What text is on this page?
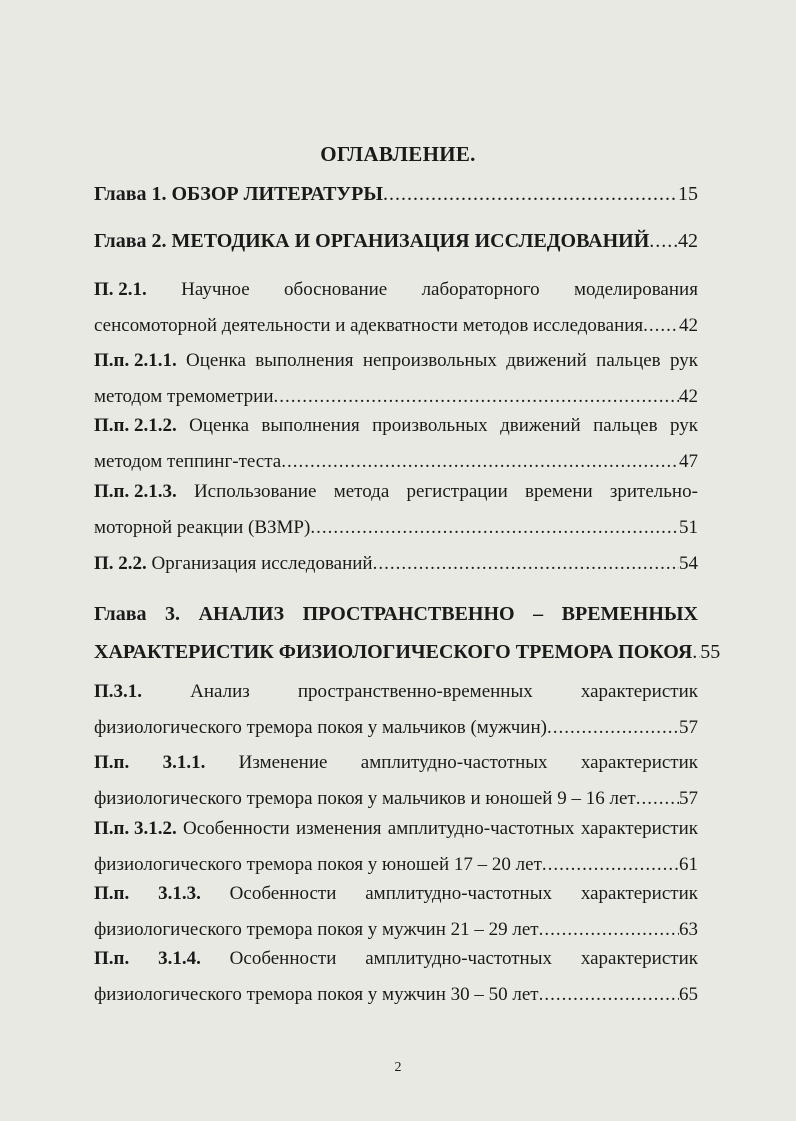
ОГЛАВЛЕНИЕ.
Глава 1. ОБЗОР ЛИТЕРАТУРЫ .....	15
Глава 2. МЕТОДИКА И ОРГАНИЗАЦИЯ ИССЛЕДОВАНИЙ ..... 42
П. 2.1. Научное обоснование лабораторного моделирования
сенсомоторной деятельности и адекватности методов исследования ..... 42
П.п. 2.1.1. Оценка выполнения непроизвольных движений пальцев рук
методом тремометрии .....	42
П.п. 2.1.2. Оценка выполнения произвольных движений пальцев рук
методом теппинг-теста .....	47
П.п. 2.1.3. Использование метода регистрации времени зрительно-
моторной реакции (ВЗМР) .....	51
П. 2.2. Организация исследований .....	54
Глава 3. АНАЛИЗ ПРОСТРАНСТВЕННО – ВРЕМЕННЫХ
ХАРАКТЕРИСТИК ФИЗИОЛОГИЧЕСКОГО ТРЕМОРА ПОКОЯ ..... 55
П.3.1.	Анализ	пространственно-временных	характеристик
физиологического тремора покоя у мальчиков (мужчин) .....	57
П.п. 3.1.1. Изменение амплитудно-частотных характеристик
физиологического тремора покоя у мальчиков и юношей 9 – 16 лет ..... 57
П.п. 3.1.2. Особенности изменения амплитудно-частотных характеристик
физиологического тремора покоя у юношей 17 – 20 лет .....	61
П.п. 3.1.3. Особенности амплитудно-частотных характеристик
физиологического тремора покоя у мужчин 21 – 29 лет .....	63
П.п. 3.1.4. Особенности амплитудно-частотных характеристик
физиологического тремора покоя у мужчин 30 – 50 лет .....	65
2
